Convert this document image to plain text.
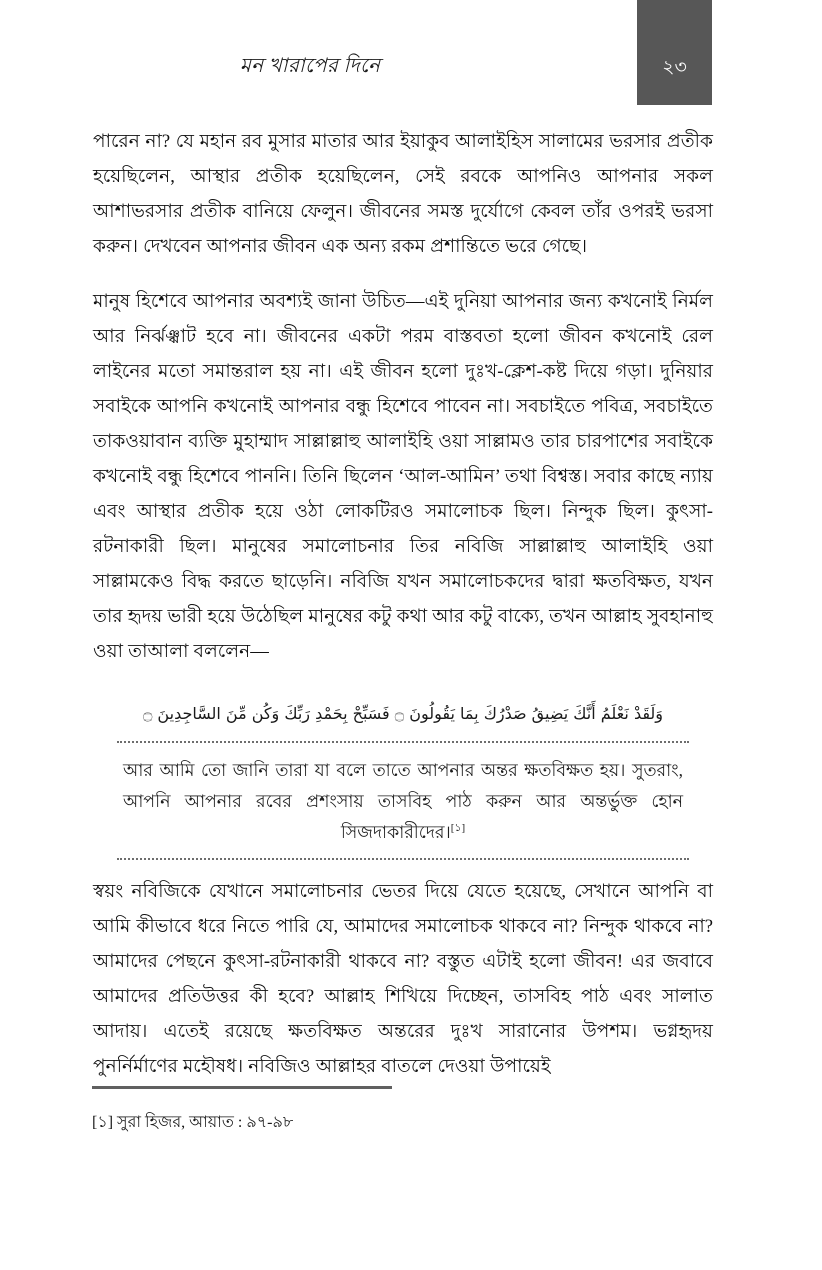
মন খারাপের দিনে	২৩

পারেন না? যে মহান রব মুসার মাতার আর ইয়াকুব আলাইহিস সালামের ভরসার প্রতীক হয়েছিলেন, আস্থার প্রতীক হয়েছিলেন, সেই রবকে আপনিও আপনার সকল আশাভরসার প্রতীক বানিয়ে ফেলুন। জীবনের সমস্ত দুর্যোগে কেবল তাঁর ওপরই ভরসা করুন। দেখবেন আপনার জীবন এক অন্য রকম প্রশান্তিতে ভরে গেছে।

মানুষ হিশেবে আপনার অবশ্যই জানা উচিত—এই দুনিয়া আপনার জন্য কখনোই নির্মল আর নির্ঝঞ্ঝাট হবে না। জীবনের একটা পরম বাস্তবতা হলো জীবন কখনোই রেল লাইনের মতো সমান্তরাল হয় না। এই জীবন হলো দুঃখ-ক্লেশ-কষ্ট দিয়ে গড়া। দুনিয়ার সবাইকে আপনি কখনোই আপনার বন্ধু হিশেবে পাবেন না। সবচাইতে পবিত্র, সবচাইতে তাকওয়াবান ব্যক্তি মুহাম্মাদ সাল্লাল্লাহু আলাইহি ওয়া সাল্লামও তার চারপাশের সবাইকে কখনোই বন্ধু হিশেবে পাননি। তিনি ছিলেন ‘আল-আমিন’ তথা বিশ্বস্ত। সবার কাছে ন্যায় এবং আস্থার প্রতীক হয়ে ওঠা লোকটিরও সমালোচক ছিল। নিন্দুক ছিল। কুৎসা-রটনাকারী ছিল। মানুষের সমালোচনার তির নবিজি সাল্লাল্লাহু আলাইহি ওয়া সাল্লামকেও বিদ্ধ করতে ছাড়েনি। নবিজি যখন সমালোচকদের দ্বারা ক্ষতবিক্ষত, যখন তার হৃদয় ভারী হয়ে উঠেছিল মানুষের কটু কথা আর কটু বাক্যে, তখন আল্লাহ সুবহানাহু ওয়া তাআলা বললেন—

وَلَقَدْ نَعْلَمُ أَنَّكَ يَضِيقُ صَدْرُكَ بِمَا يَقُولُونَ ۝ فَسَبِّحْ بِحَمْدِ رَبِّكَ وَكُن مِّنَ السَّاجِدِينَ ۝
আর আমি তো জানি তারা যা বলে তাতে আপনার অন্তর ক্ষতবিক্ষত হয়। সুতরাং, আপনি আপনার রবের প্রশংসায় তাসবিহ পাঠ করুন আর অন্তর্ভুক্ত হোন সিজদাকারীদের।[১]

স্বয়ং নবিজিকে যেখানে সমালোচনার ভেতর দিয়ে যেতে হয়েছে, সেখানে আপনি বা আমি কীভাবে ধরে নিতে পারি যে, আমাদের সমালোচক থাকবে না? নিন্দুক থাকবে না? আমাদের পেছনে কুৎসা-রটনাকারী থাকবে না? বস্তুত এটাই হলো জীবন! এর জবাবে আমাদের প্রতিউত্তর কী হবে? আল্লাহ শিখিয়ে দিচ্ছেন, তাসবিহ পাঠ এবং সালাত আদায়। এতেই রয়েছে ক্ষতবিক্ষত অন্তরের দুঃখ সারানোর উপশম। ভগ্নহৃদয় পুনর্নির্মাণের মহৌষধ। নবিজিও আল্লাহর বাতলে দেওয়া উপায়েই

[১] সুরা হিজর, আয়াত : ৯৭-৯৮
